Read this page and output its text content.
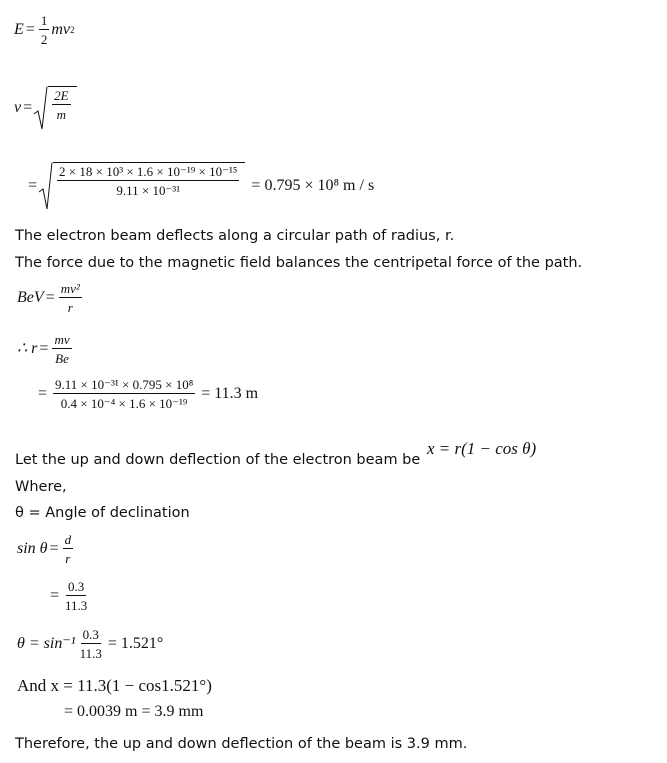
$E = \frac{1}{2}$ mv 2
$v = \frac{2E}{m}$
= $\frac{\text{2 × 18 × 10³ × 1.6 × 10⁻¹⁹ × 10⁻¹⁵}}{\text{9.11 × 10⁻³¹}} = 0.795 \times 10^8$ m / s
The electron beam deflects along a circular path of radius, r.
The force due to the magnetic field balances the centripetal force of the path.
BeV = $\frac{\text{mv²}}{r}$
∴ $r = \frac{mv}{Be}$
= $\frac{\text{9.11 × 10⁻³¹ × 0.795 × 10⁸}}{\text{0.4 × 10⁻⁴ × 1.6 × 10⁻¹⁹}} = 11.3$ m
Let the up and down deflection of the electron beam be
x = r(1 − cos θ)
Where,
θ = Angle of declination
$\sin \theta = \frac{d}{r}$
= $\frac{0.3}{11.3}$
$\theta = \sin^{-1} \frac{0.3}{11.3} = 1.521^\circ$
And x = 11.3(1 − cos1.521°)
= 0.0039 m = 3.9 mm
Therefore, the up and down deflection of the beam is 3.9 mm.
